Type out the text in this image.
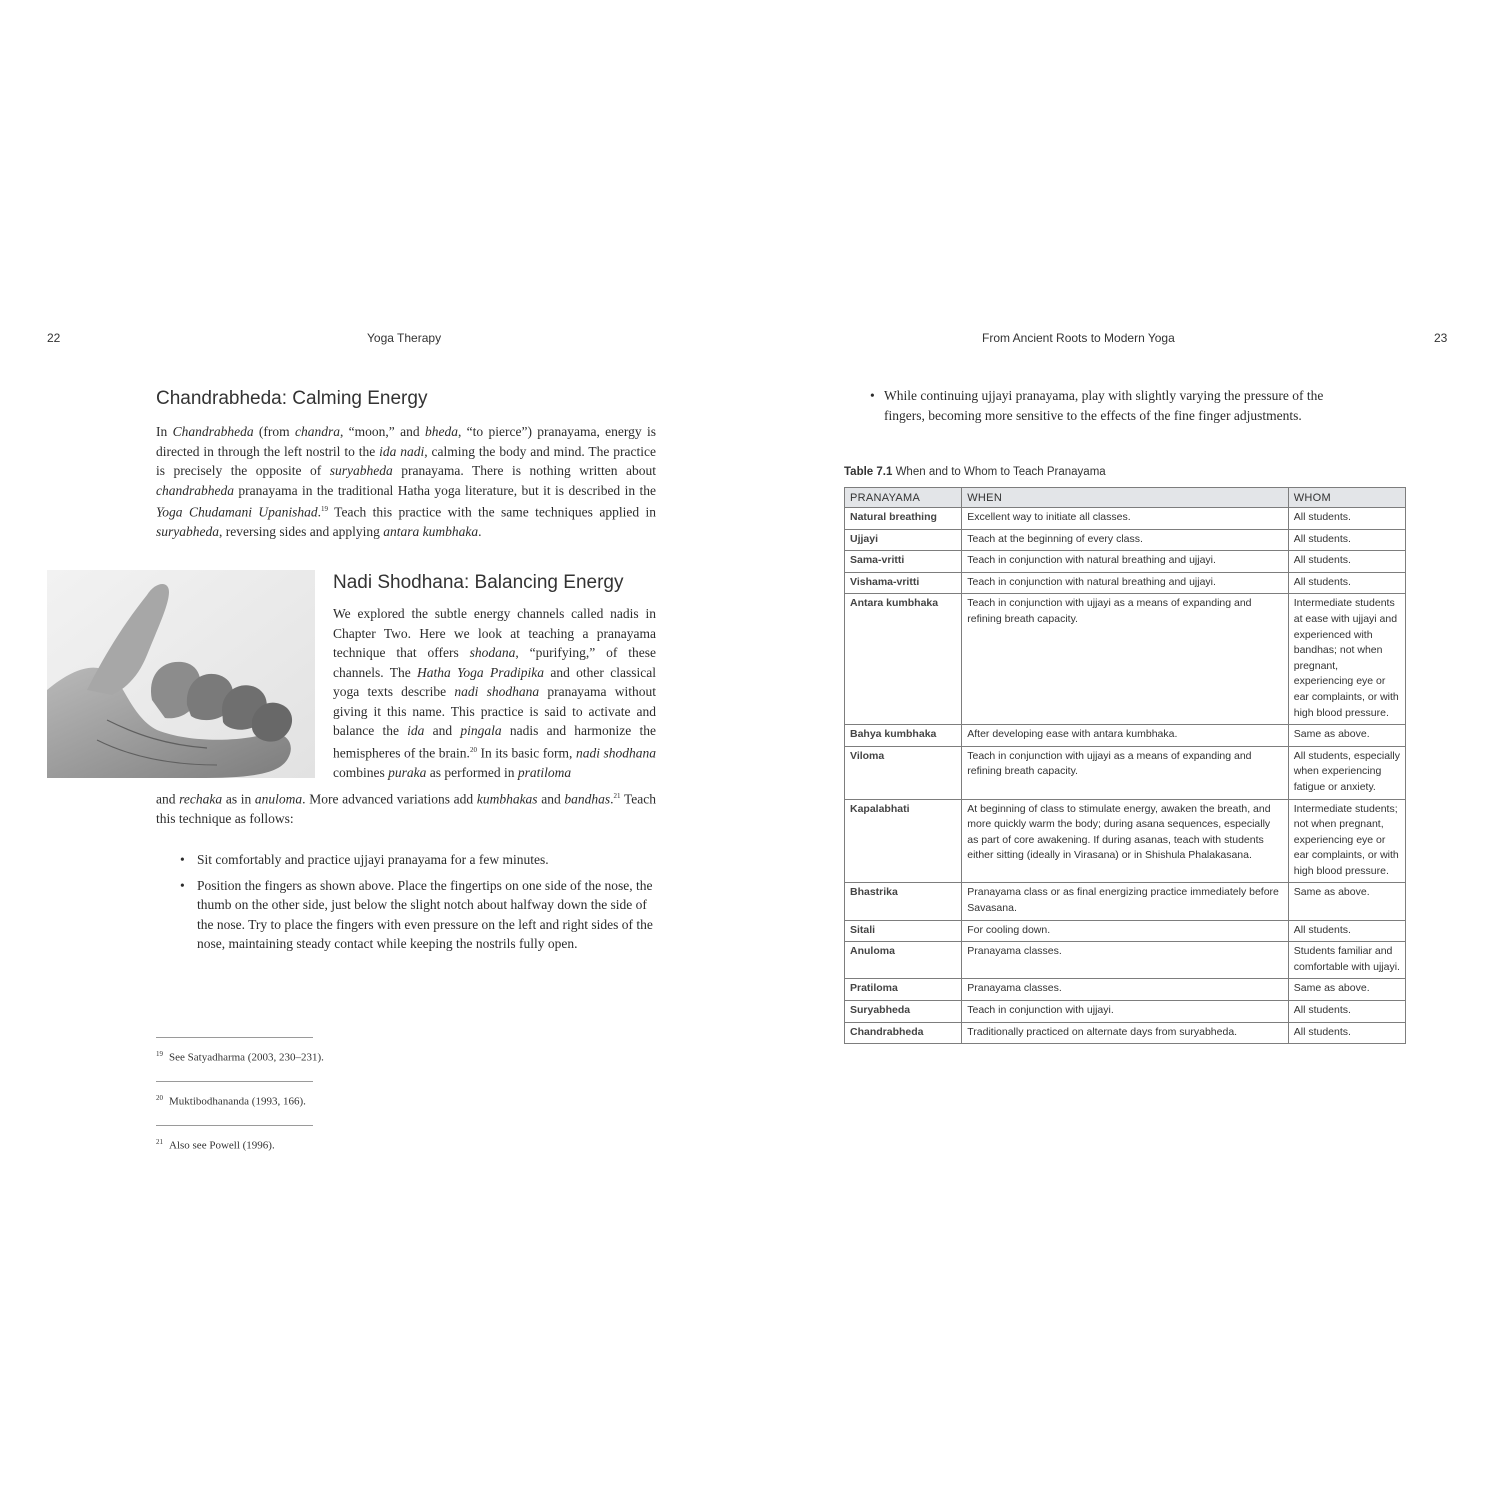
22	Yoga Therapy	From Ancient Roots to Modern Yoga	23
Chandrabheda: Calming Energy

In Chandrabheda (from chandra, “moon,” and bheda, “to pierce”) pranayama, energy is directed in through the left nostril to the ida nadi, calming the body and mind. The practice is precisely the opposite of suryabheda pranayama. There is nothing written about chandrabheda pranayama in the traditional Hatha yoga literature, but it is described in the Yoga Chudamani Upanishad.$^{19}$ Teach this practice with the same techniques applied in suryabheda, reversing sides and applying antara kumbhaka.

Nadi Shodhana: Balancing Energy

We explored the subtle energy channels called nadis in Chapter Two. Here we look at teaching a pranayama technique that offers shodana, “purifying,” of these channels. The Hatha Yoga Pradipika and other classical yoga texts describe nadi shodhana pranayama without giving it this name. This practice is said to activate and balance the ida and pingala nadis and harmonize the hemispheres of the brain.$^{20}$ In its basic form, nadi shodhana combines puraka as performed in pratiloma

and rechaka as in anuloma. More advanced variations add kumbhakas and bandhas.$^{21}$ Teach this technique as follows:

• Sit comfortably and practice ujjayi pranayama for a few minutes.
• Position the fingers as shown above. Place the fingertips on one side of the nose, the thumb on the other side, just below the slight notch about halfway down the side of the nose. Try to place the fingers with even pressure on the left and right sides of the nose, maintaining steady contact while keeping the nostrils fully open.
$^{19}$ See Satyadharma (2003, 230–231).
$^{20}$ Muktibodhananda (1993, 166).
$^{21}$ Also see Powell (1996).
• While continuing ujjayi pranayama, play with slightly varying the pressure of the fingers, becoming more sensitive to the effects of the fine finger adjustments.
Table 7.1 When and to Whom to Teach Pranayama
PRANAYAMA	WHEN	WHOM
Natural breathing	Excellent way to initiate all classes.	All students.
Ujjayi	Teach at the beginning of every class.	All students.
Sama-vritti	Teach in conjunction with natural breathing and ujjayi.	All students.
Vishama-vritti	Teach in conjunction with natural breathing and ujjayi.	All students.
Antara kumbhaka	Teach in conjunction with ujjayi as a means of expanding and refining breath capacity.	Intermediate students at ease with ujjayi and experienced with bandhas; not when pregnant, experiencing eye or ear complaints, or with high blood pressure.
Bahya kumbhaka	After developing ease with antara kumbhaka.	Same as above.
Viloma	Teach in conjunction with ujjayi as a means of expanding and refining breath capacity.	All students, especially when experiencing fatigue or anxiety.
Kapalabhati	At beginning of class to stimulate energy, awaken the breath, and more quickly warm the body; during asana sequences, especially as part of core awakening. If during asanas, teach with students either sitting (ideally in Virasana) or in Shishula Phalakasana.	Intermediate students; not when pregnant, experiencing eye or ear complaints, or with high blood pressure.
Bhastrika	Pranayama class or as final energizing practice immediately before Savasana.	Same as above.
Sitali	For cooling down.	All students.
Anuloma	Pranayama classes.	Students familiar and comfortable with ujjayi.
Pratiloma	Pranayama classes.	Same as above.
Suryabheda	Teach in conjunction with ujjayi.	All students.
Chandrabheda	Traditionally practiced on alternate days from suryabheda.	All students.
